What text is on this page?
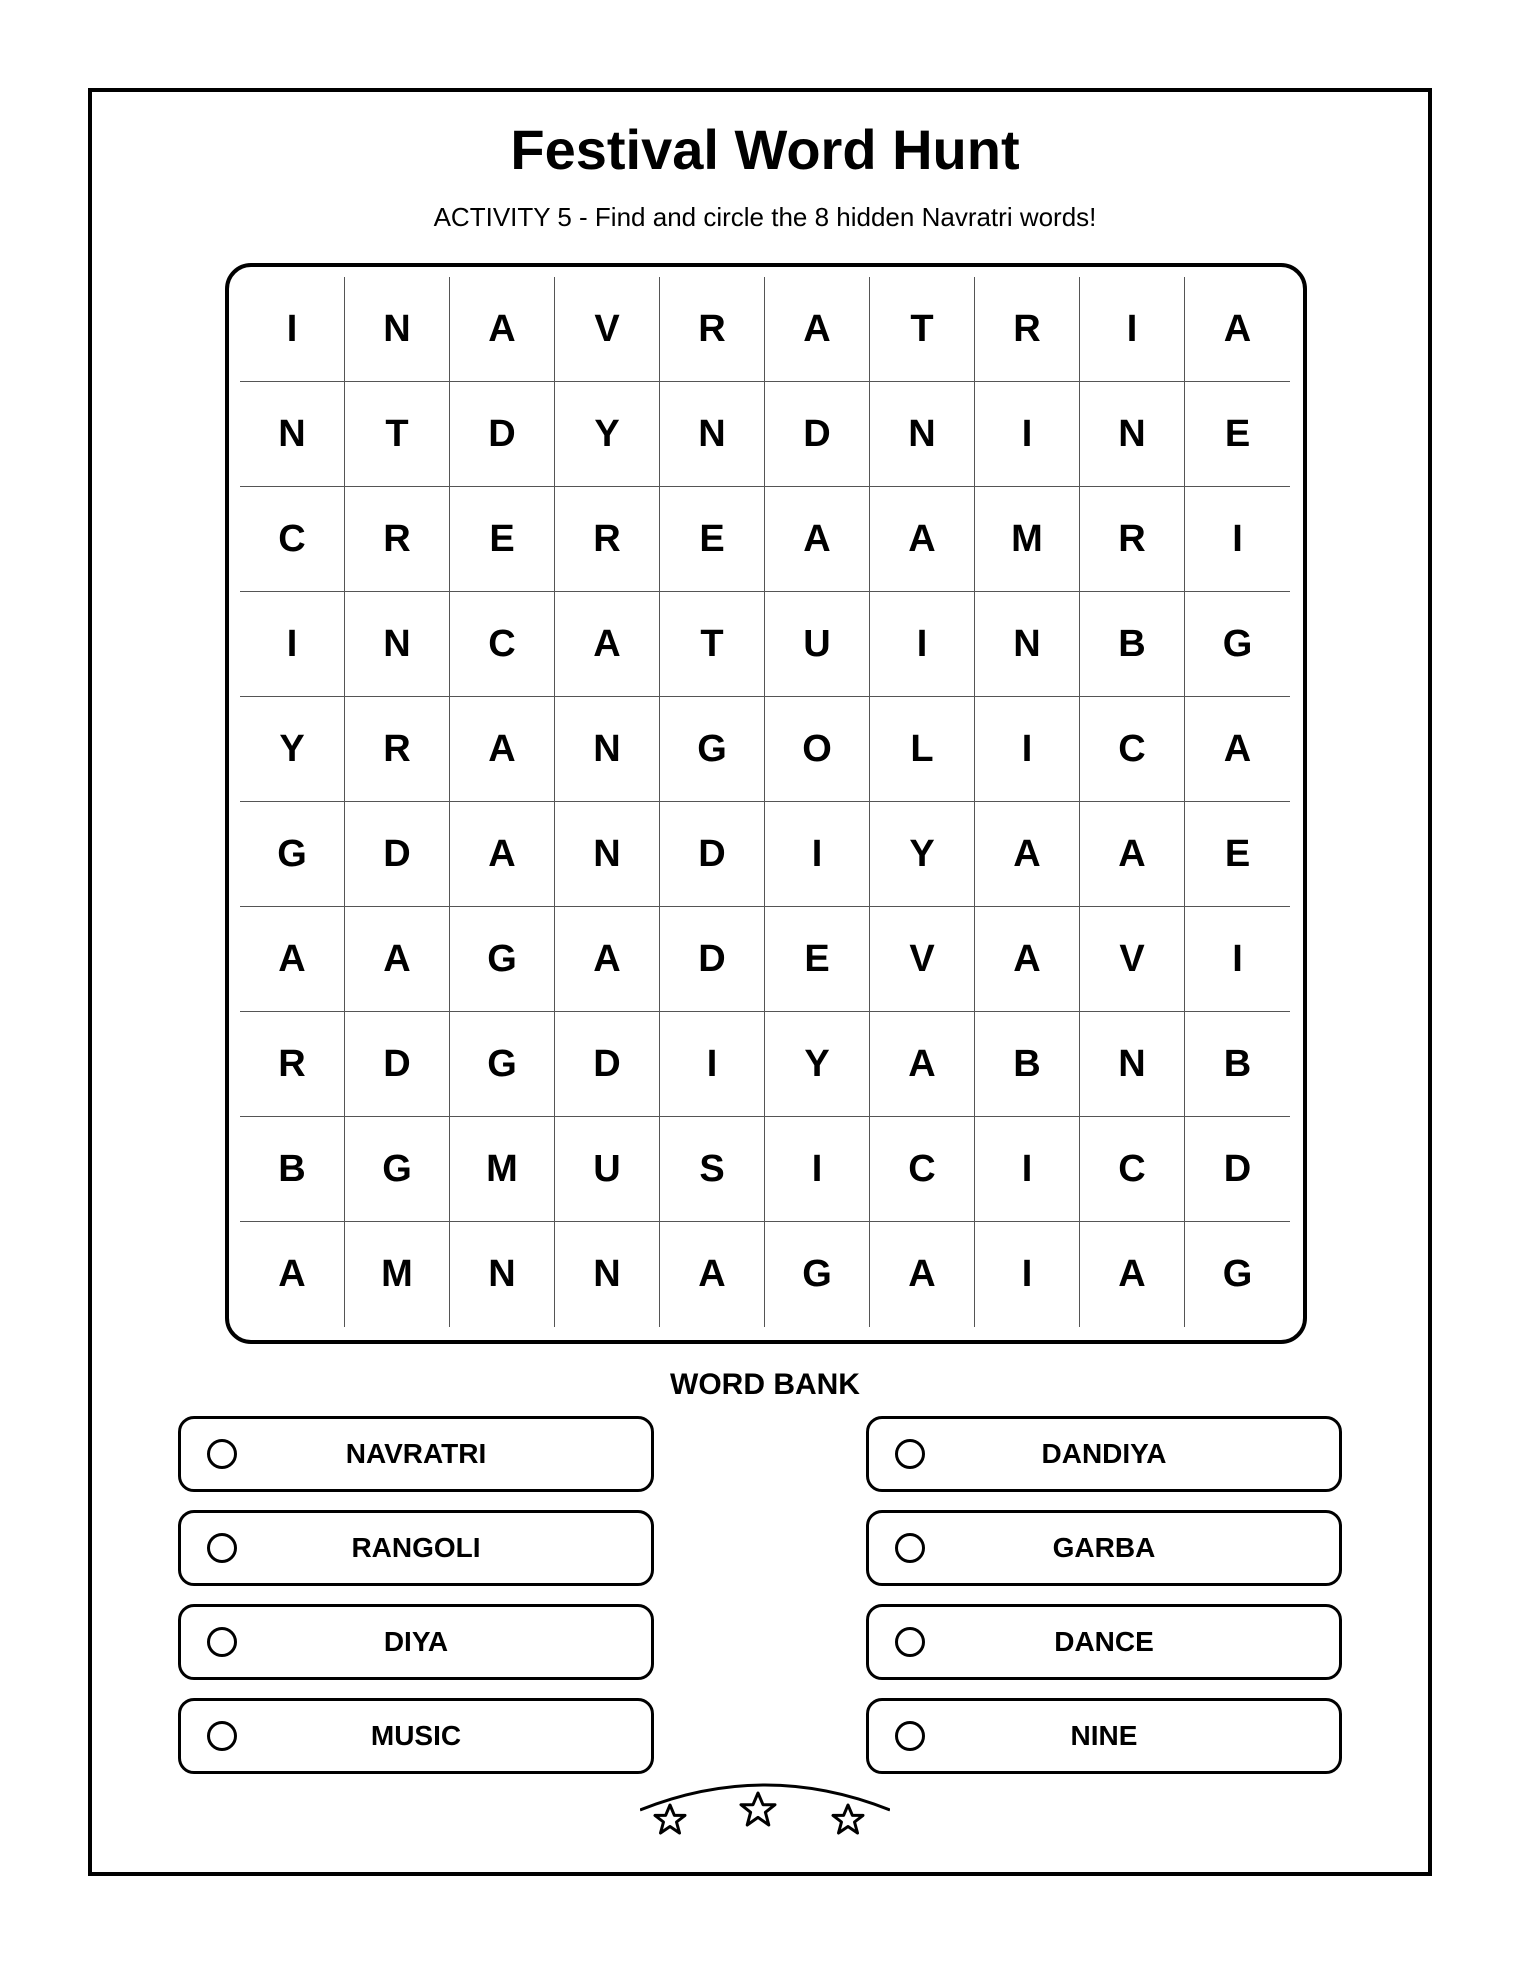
Festival Word Hunt
ACTIVITY 5 - Find and circle the 8 hidden Navratri words!
I	N	A	V	R	A	T	R	I	A
N	T	D	Y	N	D	N	I	N	E
C	R	E	R	E	A	A	M	R	I
I	N	C	A	T	U	I	N	B	G
Y	R	A	N	G	O	L	I	C	A
G	D	A	N	D	I	Y	A	A	E
A	A	G	A	D	E	V	A	V	I
R	D	G	D	I	Y	A	B	N	B
B	G	M	U	S	I	C	I	C	D
A	M	N	N	A	G	A	I	A	G
WORD BANK
NAVRATRI
RANGOLI
DIYA
MUSIC
DANDIYA
GARBA
DANCE
NINE
